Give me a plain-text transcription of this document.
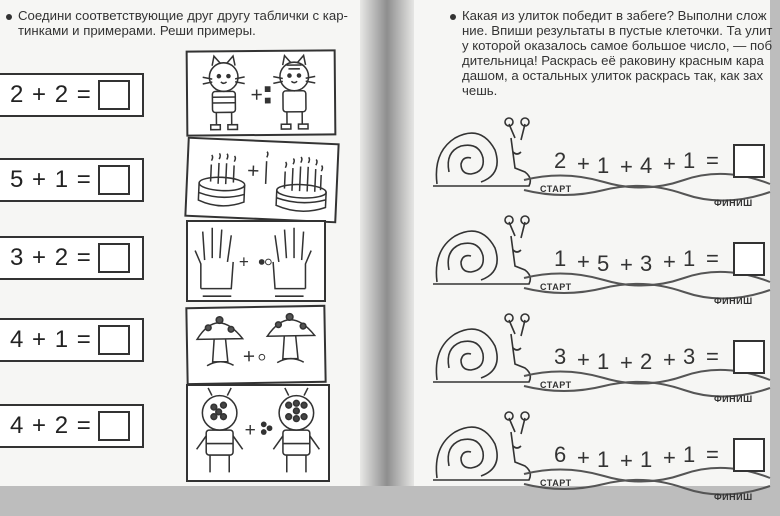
Соедини соответствующие друг другу таблички с кар-
тинками и примерами. Реши примеры.
2 + 2 =
5 + 1 =
3 + 2 =
4 + 1 =
4 + 2 =
+
+
+
+
+
Какая из улиток победит в забеге? Выполни слож
ние. Впиши результаты в пустые клеточки. Та улит
у которой оказалось самое большое число, — поб
дительница! Раскрась её раковину красным кара
дашом, а остальных улиток раскрась так, как зах
чешь.
2 + 1 + 4 + 1 =
СТАРТ
ФИНИШ
1 + 5 + 3 + 1 =
СТАРТ
ФИНИШ
3 + 1 + 2 + 3 =
СТАРТ
ФИНИШ
6 + 1 + 1 + 1 =
СТАРТ
ФИНИШ
